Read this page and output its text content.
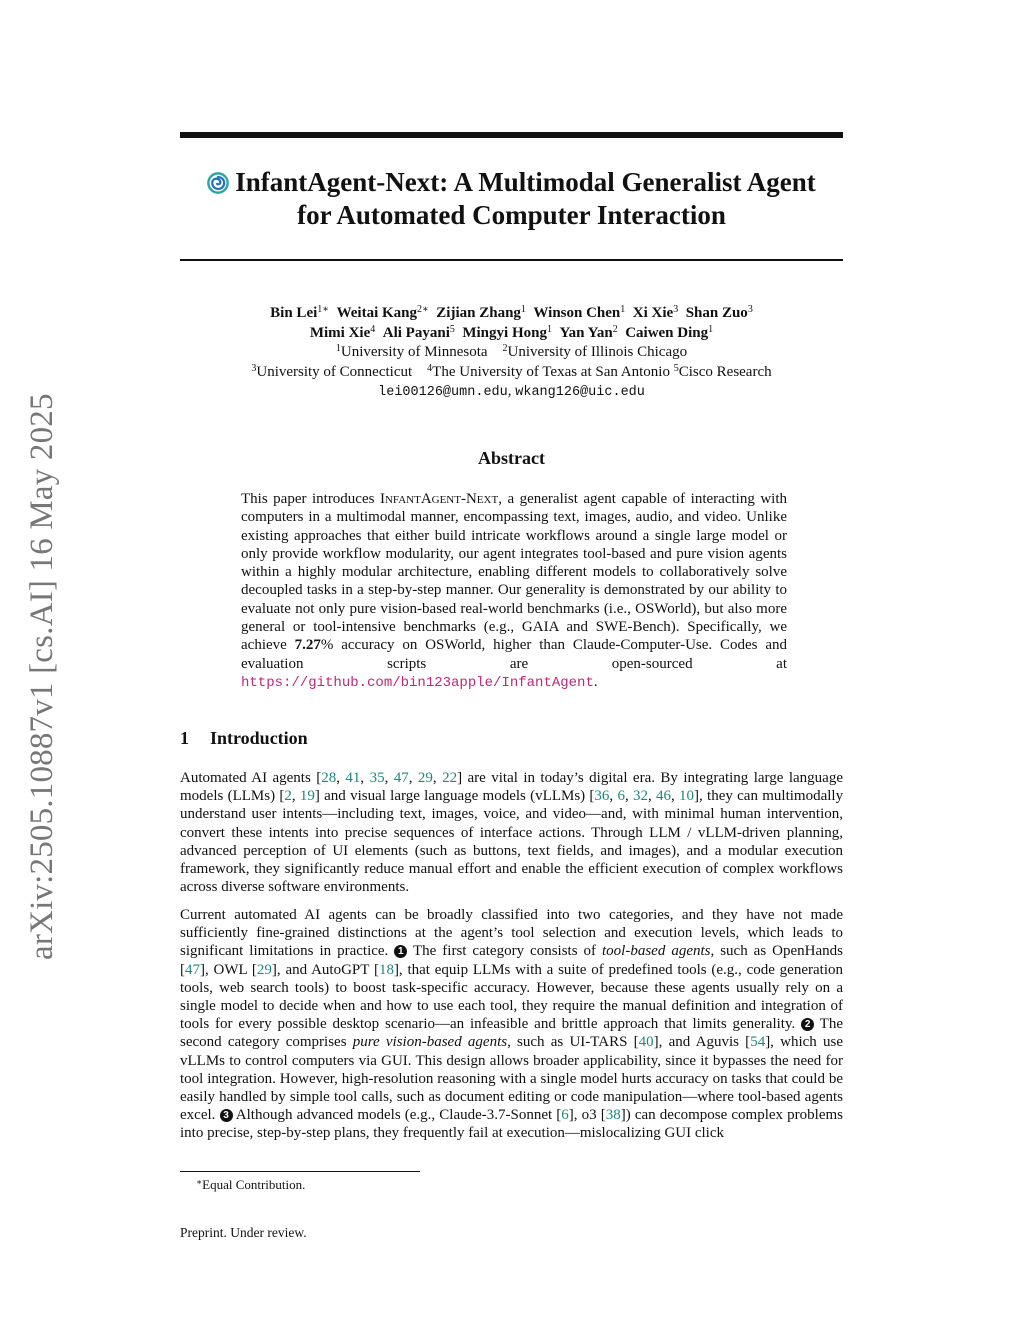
arXiv:2505.10887v1 [cs.AI] 16 May 2025
InfantAgent-Next: A Multimodal Generalist Agent
for Automated Computer Interaction
Bin Lei$^{1∗}$ Weitai Kang$^{2∗}$ Zijian Zhang$^1$ Winson Chen$^1$ Xi Xie$^3$ Shan Zuo$^3$
Mimi Xie$^4$ Ali Payani$^5$ Mingyi Hong$^1$ Yan Yan$^2$ Caiwen Ding$^1$
$^1$University of Minnesota $^2$University of Illinois Chicago
$^3$University of Connecticut $^4$The University of Texas at San Antonio $^5$Cisco Research
lei00126@umn.edu, wkang126@uic.edu
Abstract
This paper introduces InfantAgent-Next, a generalist agent capable of interacting with computers in a multimodal manner, encompassing text, images, audio, and video. Unlike existing approaches that either build intricate workflows around a single large model or only provide workflow modularity, our agent integrates tool-based and pure vision agents within a highly modular architecture, enabling different models to collaboratively solve decoupled tasks in a step-by-step manner. Our generality is demonstrated by our ability to evaluate not only pure vision-based real-world benchmarks (i.e., OSWorld), but also more general or tool-intensive benchmarks (e.g., GAIA and SWE-Bench). Specifically, we achieve 7.27% accuracy on OSWorld, higher than Claude-Computer-Use. Codes and evaluation scripts are open-sourced at https://github.com/bin123apple/InfantAgent.
1 Introduction
Automated AI agents [28, 41, 35, 47, 29, 22] are vital in today’s digital era. By integrating large language models (LLMs) [2, 19] and visual large language models (vLLMs) [36, 6, 32, 46, 10], they can multimodally understand user intents—including text, images, voice, and video—and, with minimal human intervention, convert these intents into precise sequences of interface actions. Through LLM / vLLM-driven planning, advanced perception of UI elements (such as buttons, text fields, and images), and a modular execution framework, they significantly reduce manual effort and enable the efficient execution of complex workflows across diverse software environments.
Current automated AI agents can be broadly classified into two categories, and they have not made sufficiently fine-grained distinctions at the agent’s tool selection and execution levels, which leads to significant limitations in practice. 1 The first category consists of tool-based agents, such as OpenHands [47], OWL [29], and AutoGPT [18], that equip LLMs with a suite of predefined tools (e.g., code generation tools, web search tools) to boost task-specific accuracy. However, because these agents usually rely on a single model to decide when and how to use each tool, they require the manual definition and integration of tools for every possible desktop scenario—an infeasible and brittle approach that limits generality. 2 The second category comprises pure vision-based agents, such as UI-TARS [40], and Aguvis [54], which use vLLMs to control computers via GUI. This design allows broader applicability, since it bypasses the need for tool integration. However, high-resolution reasoning with a single model hurts accuracy on tasks that could be easily handled by simple tool calls, such as document editing or code manipulation—where tool-based agents excel. 3 Although advanced models (e.g., Claude-3.7-Sonnet [6], o3 [38]) can decompose complex problems into precise, step-by-step plans, they frequently fail at execution—mislocalizing GUI click
∗Equal Contribution.
Preprint. Under review.
